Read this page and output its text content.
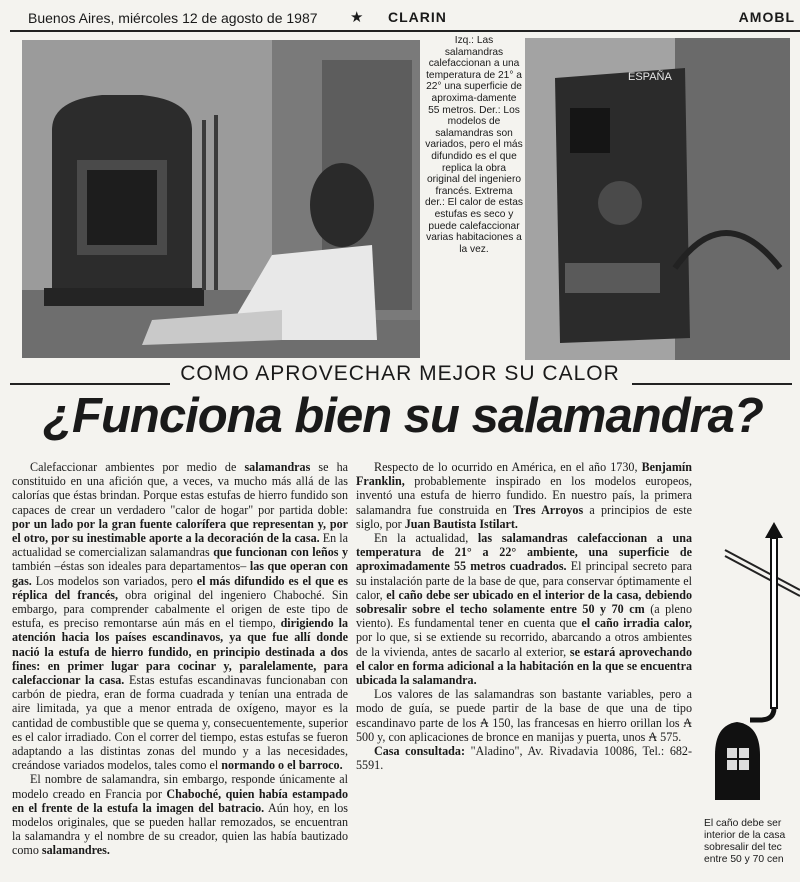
Buenos Aires, miércoles 12 de agosto de 1987 ★ CLARIN	AMOBL
Izq.: Las salamandras calefaccionan a una temperatura de 21° a 22° una superficie de aproxima-damente 55 metros. Der.: Los modelos de salamandras son variados, pero el más difundido es el que replica la obra original del ingeniero francés. Extrema der.: El calor de estas estufas es seco y puede calefaccionar varias habitaciones a la vez.
ESPAÑA
COMO APROVECHAR MEJOR SU CALOR
¿Funciona bien su salamandra?

Calefaccionar ambientes por medio de salamandras se ha constituido en una afición que, a veces, va mucho más allá de las calorías que éstas brindan. Porque estas estufas de hierro fundido son capaces de crear un verdadero "calor de hogar" por partida doble: por un lado por la gran fuente calorífera que representan y, por el otro, por su inestimable aporte a la decoración de la casa. En la actualidad se comercializan salamandras que funcionan con leños y también –éstas son ideales para departamentos– las que operan con gas. Los modelos son variados, pero el más difundido es el que es réplica del francés, obra original del ingeniero Chaboché. Sin embargo, para comprender cabalmente el origen de este tipo de estufa, es preciso remontarse aún más en el tiempo, dirigiendo la atención hacia los países escandinavos, ya que fue allí donde nació la estufa de hierro fundido, en principio destinada a dos fines: en primer lugar para cocinar y, paralelamente, para calefaccionar la casa. Estas estufas escandinavas funcionaban con carbón de piedra, eran de forma cuadrada y tenían una entrada de aire limitada, ya que a menor entrada de oxígeno, mayor es la cantidad de combustible que se quema y, consecuentemente, superior es el calor irradiado. Con el correr del tiempo, estas estufas se fueron adaptando a las distintas zonas del mundo y a las necesidades, creándose variados modelos, tales como el normando o el barroco.

El nombre de salamandra, sin embargo, responde únicamente al modelo creado en Francia por Chaboché, quien había estampado en el frente de la estufa la imagen del batracio. Aún hoy, en los modelos originales, que se pueden hallar remozados, se encuentran la salamandra y el nombre de su creador, quien las había bautizado como salamandres.

Respecto de lo ocurrido en América, en el año 1730, Benjamín Franklin, probablemente inspirado en los modelos europeos, inventó una estufa de hierro fundido. En nuestro país, la primera salamandra fue construida en Tres Arroyos a principios de este siglo, por Juan Bautista Istilart.

En la actualidad, las salamandras calefaccionan a una temperatura de 21° a 22° ambiente, una superficie de aproximadamente 55 metros cuadrados. El principal secreto para su instalación parte de la base de que, para conservar óptimamente el calor, el caño debe ser ubicado en el interior de la casa, debiendo sobresalir sobre el techo solamente entre 50 y 70 cm (a pleno viento). Es fundamental tener en cuenta que el caño irradia calor, por lo que, si se extiende su recorrido, abarcando a otros ambientes de la vivienda, antes de sacarlo al exterior, se estará aprovechando el calor en forma adicional a la habitación en la que se encuentra ubicada la salamandra.

Los valores de las salamandras son bastante variables, pero a modo de guía, se puede partir de la base de que una de tipo escandinavo parte de los ₳ 150, las francesas en hierro orillan los ₳ 500 y, con aplicaciones de bronce en manijas y puerta, unos ₳ 575.

Casa consultada: "Aladino", Av. Rivadavia 10086, Tel.: 682-5591.

El caño debe ser interior de la casa sobresalir del tec entre 50 y 70 cen
